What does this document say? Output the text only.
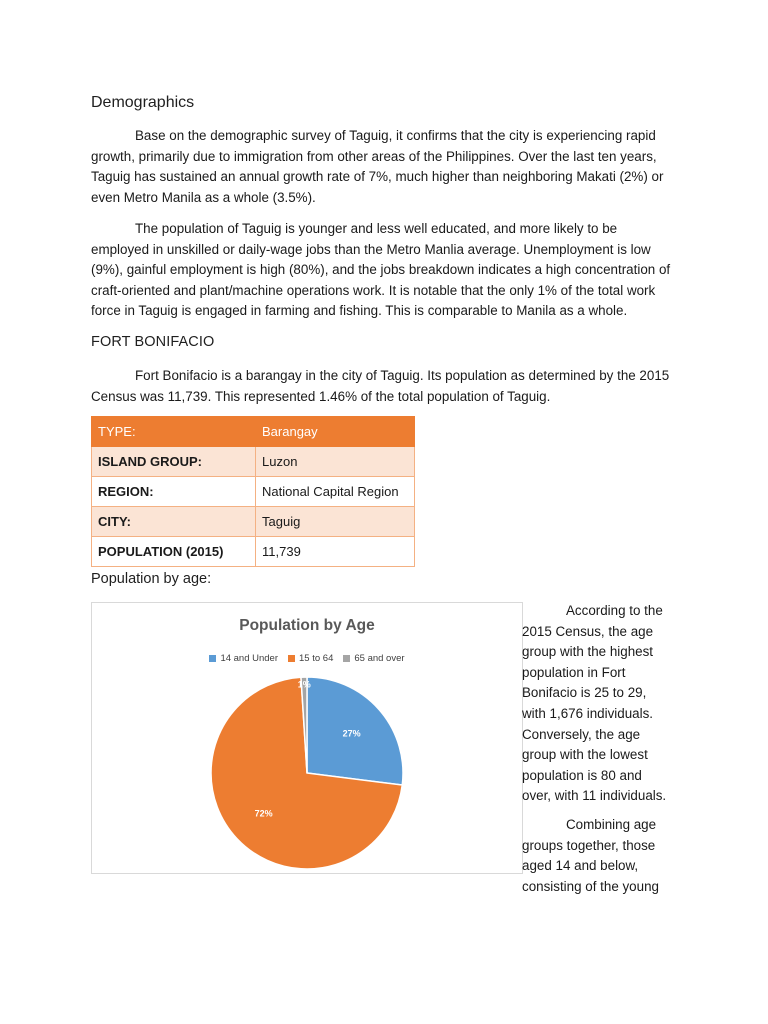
Demographics
Base on the demographic survey of Taguig, it confirms that the city is experiencing rapid growth, primarily due to immigration from other areas of the Philippines. Over the last ten years, Taguig has sustained an annual growth rate of 7%, much higher than neighboring Makati (2%) or even Metro Manila as a whole (3.5%).
The population of Taguig is younger and less well educated, and more likely to be employed in unskilled or daily-wage jobs than the Metro Manlia average. Unemployment is low (9%), gainful employment is high (80%), and the jobs breakdown indicates a high concentration of craft-oriented and plant/machine operations work. It is notable that the only 1% of the total work force in Taguig is engaged in farming and fishing. This is comparable to Manila as a whole.
FORT BONIFACIO
Fort Bonifacio is a barangay in the city of Taguig. Its population as determined by the 2015 Census was 11,739. This represented 1.46% of the total population of Taguig.
TYPE:	Barangay
ISLAND GROUP:	Luzon
REGION:	National Capital Region
CITY:	Taguig
POPULATION (2015)	11,739
Population by age:
Population by Age
14 and Under 15 to 64 65 and over
27%
72%
1%
According to the 2015 Census, the age group with the highest population in Fort Bonifacio is 25 to 29, with 1,676 individuals. Conversely, the age group with the lowest population is 80 and over, with 11 individuals.
Combining age groups together, those aged 14 and below, consisting of the young
